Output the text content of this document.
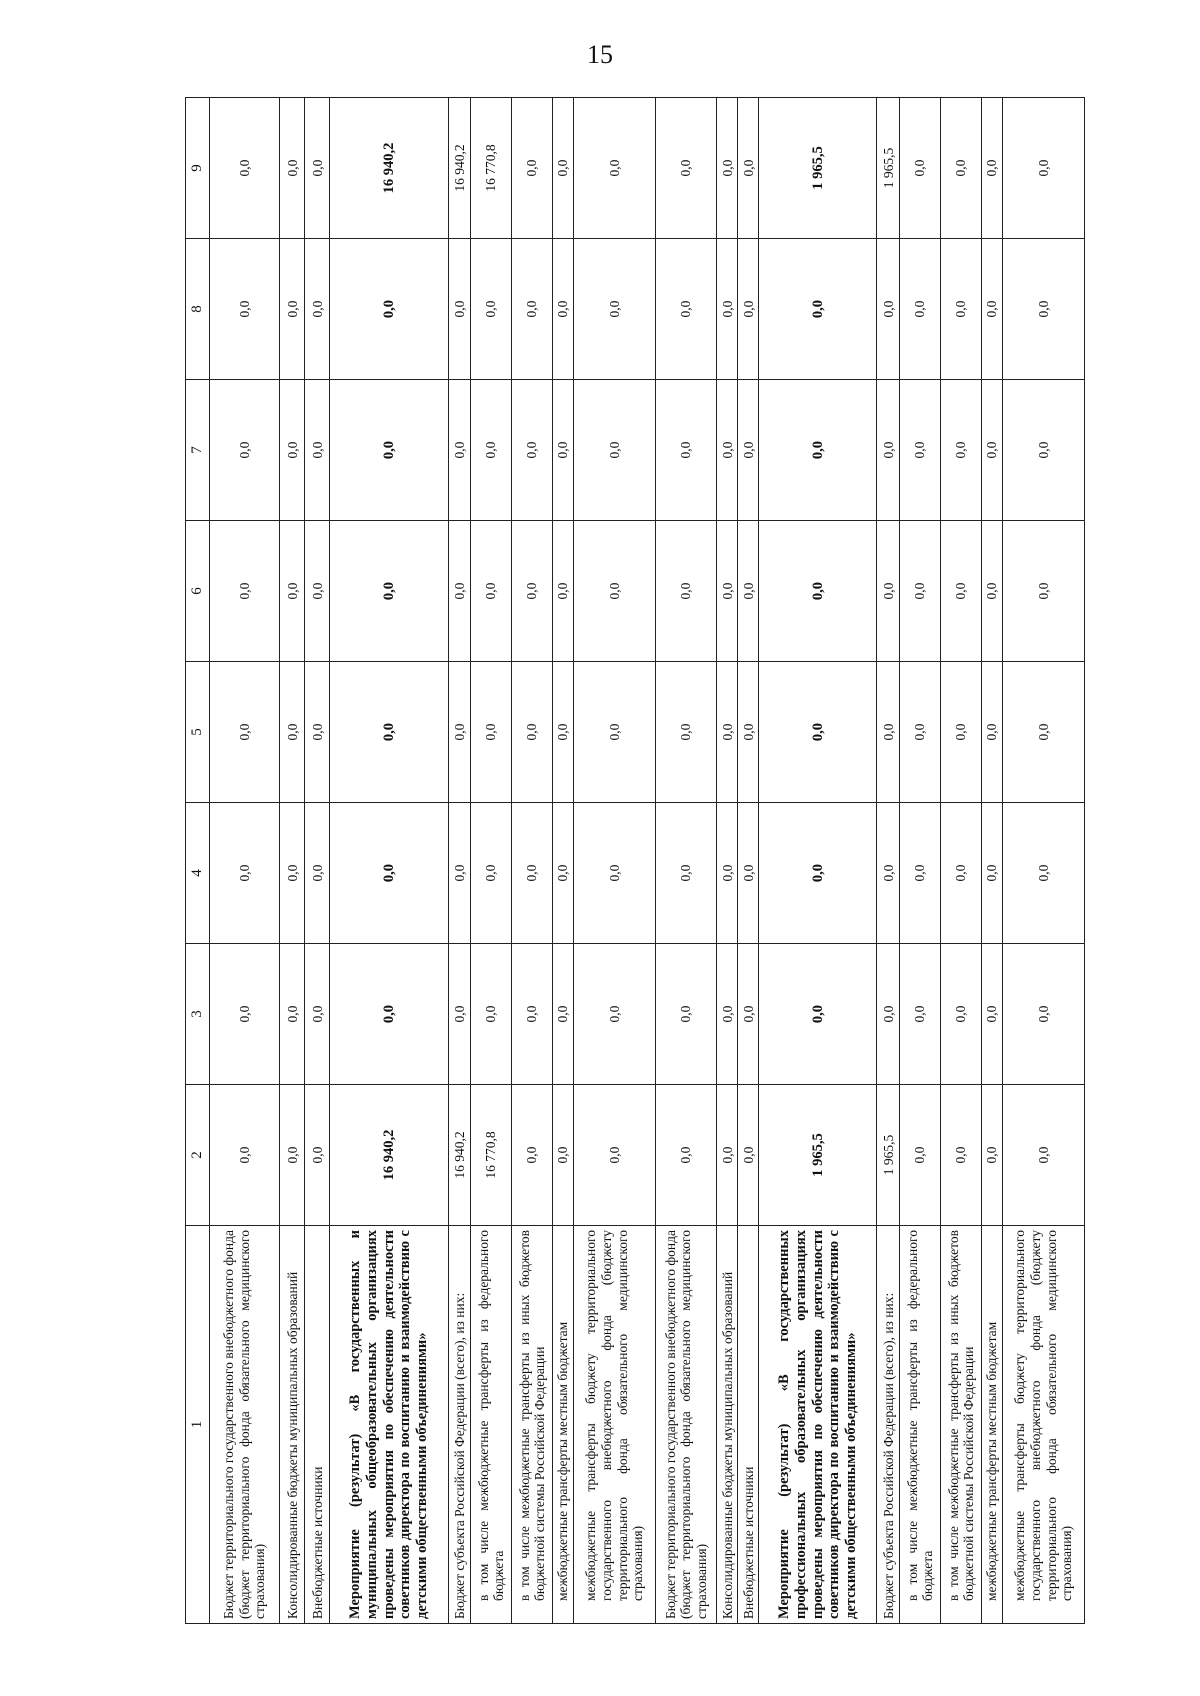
15
1	2	3	4	5	6	7	8	9
Бюджет территориального государственного внебюджетного фонда (бюджет территориального фонда обязательного медицинского страхования)	0,0	0,0	0,0	0,0	0,0	0,0	0,0	0,0
Консолидированные бюджеты муниципальных образований	0,0	0,0	0,0	0,0	0,0	0,0	0,0	0,0
Внебюджетные источники	0,0	0,0	0,0	0,0	0,0	0,0	0,0	0,0
Мероприятие (результат) «В государственных и муниципальных общеобразовательных организациях проведены мероприятия по обеспечению деятельности советников директора по воспитанию и взаимодействию с детскими общественными объединениями»	16 940,2	0,0	0,0	0,0	0,0	0,0	0,0	16 940,2
Бюджет субъекта Российской Федерации (всего), из них:	16 940,2	0,0	0,0	0,0	0,0	0,0	0,0	16 940,2
в том числе межбюджетные трансферты из федерального бюджета	16 770,8	0,0	0,0	0,0	0,0	0,0	0,0	16 770,8
в том числе межбюджетные трансферты из иных бюджетов бюджетной системы Российской Федерации	0,0	0,0	0,0	0,0	0,0	0,0	0,0	0,0
межбюджетные трансферты местным бюджетам	0,0	0,0	0,0	0,0	0,0	0,0	0,0	0,0
межбюджетные трансферты бюджету территориального государственного внебюджетного фонда (бюджету территориального фонда обязательного медицинского страхования)	0,0	0,0	0,0	0,0	0,0	0,0	0,0	0,0
Бюджет территориального государственного внебюджетного фонда (бюджет территориального фонда обязательного медицинского страхования)	0,0	0,0	0,0	0,0	0,0	0,0	0,0	0,0
Консолидированные бюджеты муниципальных образований	0,0	0,0	0,0	0,0	0,0	0,0	0,0	0,0
Внебюджетные источники	0,0	0,0	0,0	0,0	0,0	0,0	0,0	0,0
Мероприятие (результат) «В государственных профессиональных образовательных организациях проведены мероприятия по обеспечению деятельности советников директора по воспитанию и взаимодействию с детскими общественными объединениями»	1 965,5	0,0	0,0	0,0	0,0	0,0	0,0	1 965,5
Бюджет субъекта Российской Федерации (всего), из них:	1 965,5	0,0	0,0	0,0	0,0	0,0	0,0	1 965,5
в том числе межбюджетные трансферты из федерального бюджета	0,0	0,0	0,0	0,0	0,0	0,0	0,0	0,0
в том числе межбюджетные трансферты из иных бюджетов бюджетной системы Российской Федерации	0,0	0,0	0,0	0,0	0,0	0,0	0,0	0,0
межбюджетные трансферты местным бюджетам	0,0	0,0	0,0	0,0	0,0	0,0	0,0	0,0
межбюджетные трансферты бюджету территориального государственного внебюджетного фонда (бюджету территориального фонда обязательного медицинского страхования)	0,0	0,0	0,0	0,0	0,0	0,0	0,0	0,0
